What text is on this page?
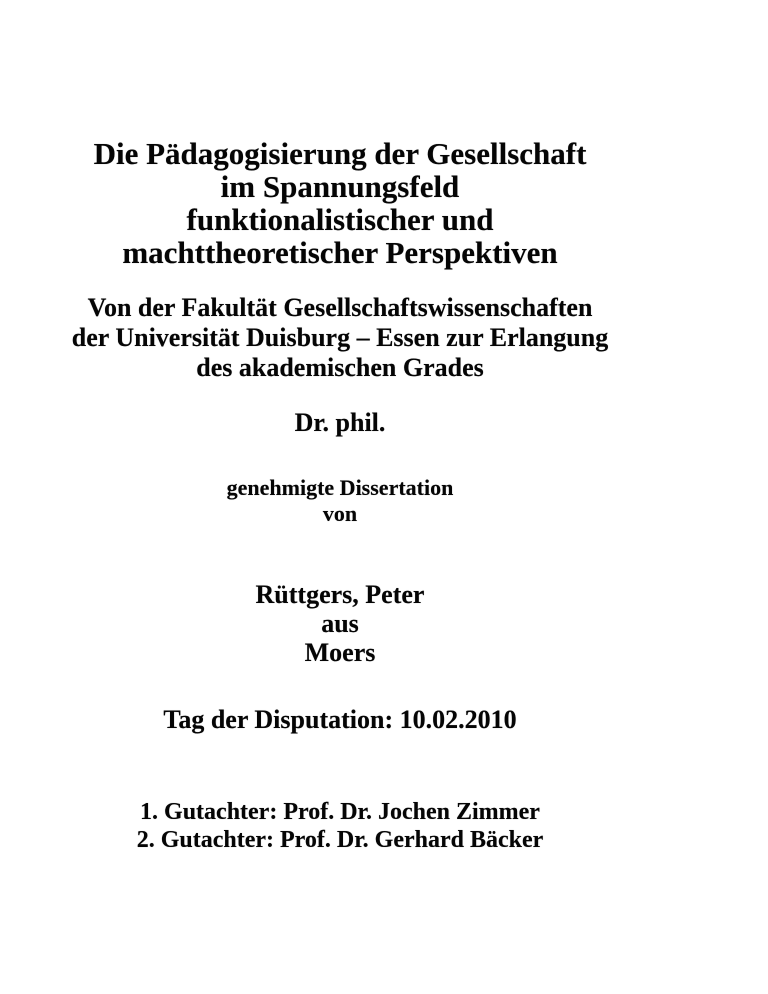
Die Pädagogisierung der Gesellschaft
im Spannungsfeld
funktionalistischer und
machttheoretischer Perspektiven
Von der Fakultät Gesellschaftswissenschaften
der Universität Duisburg – Essen zur Erlangung
des akademischen Grades
Dr. phil.
genehmigte Dissertation
von
Rüttgers, Peter
aus
Moers
Tag der Disputation: 10.02.2010
1. Gutachter: Prof. Dr. Jochen Zimmer
2. Gutachter: Prof. Dr. Gerhard Bäcker
